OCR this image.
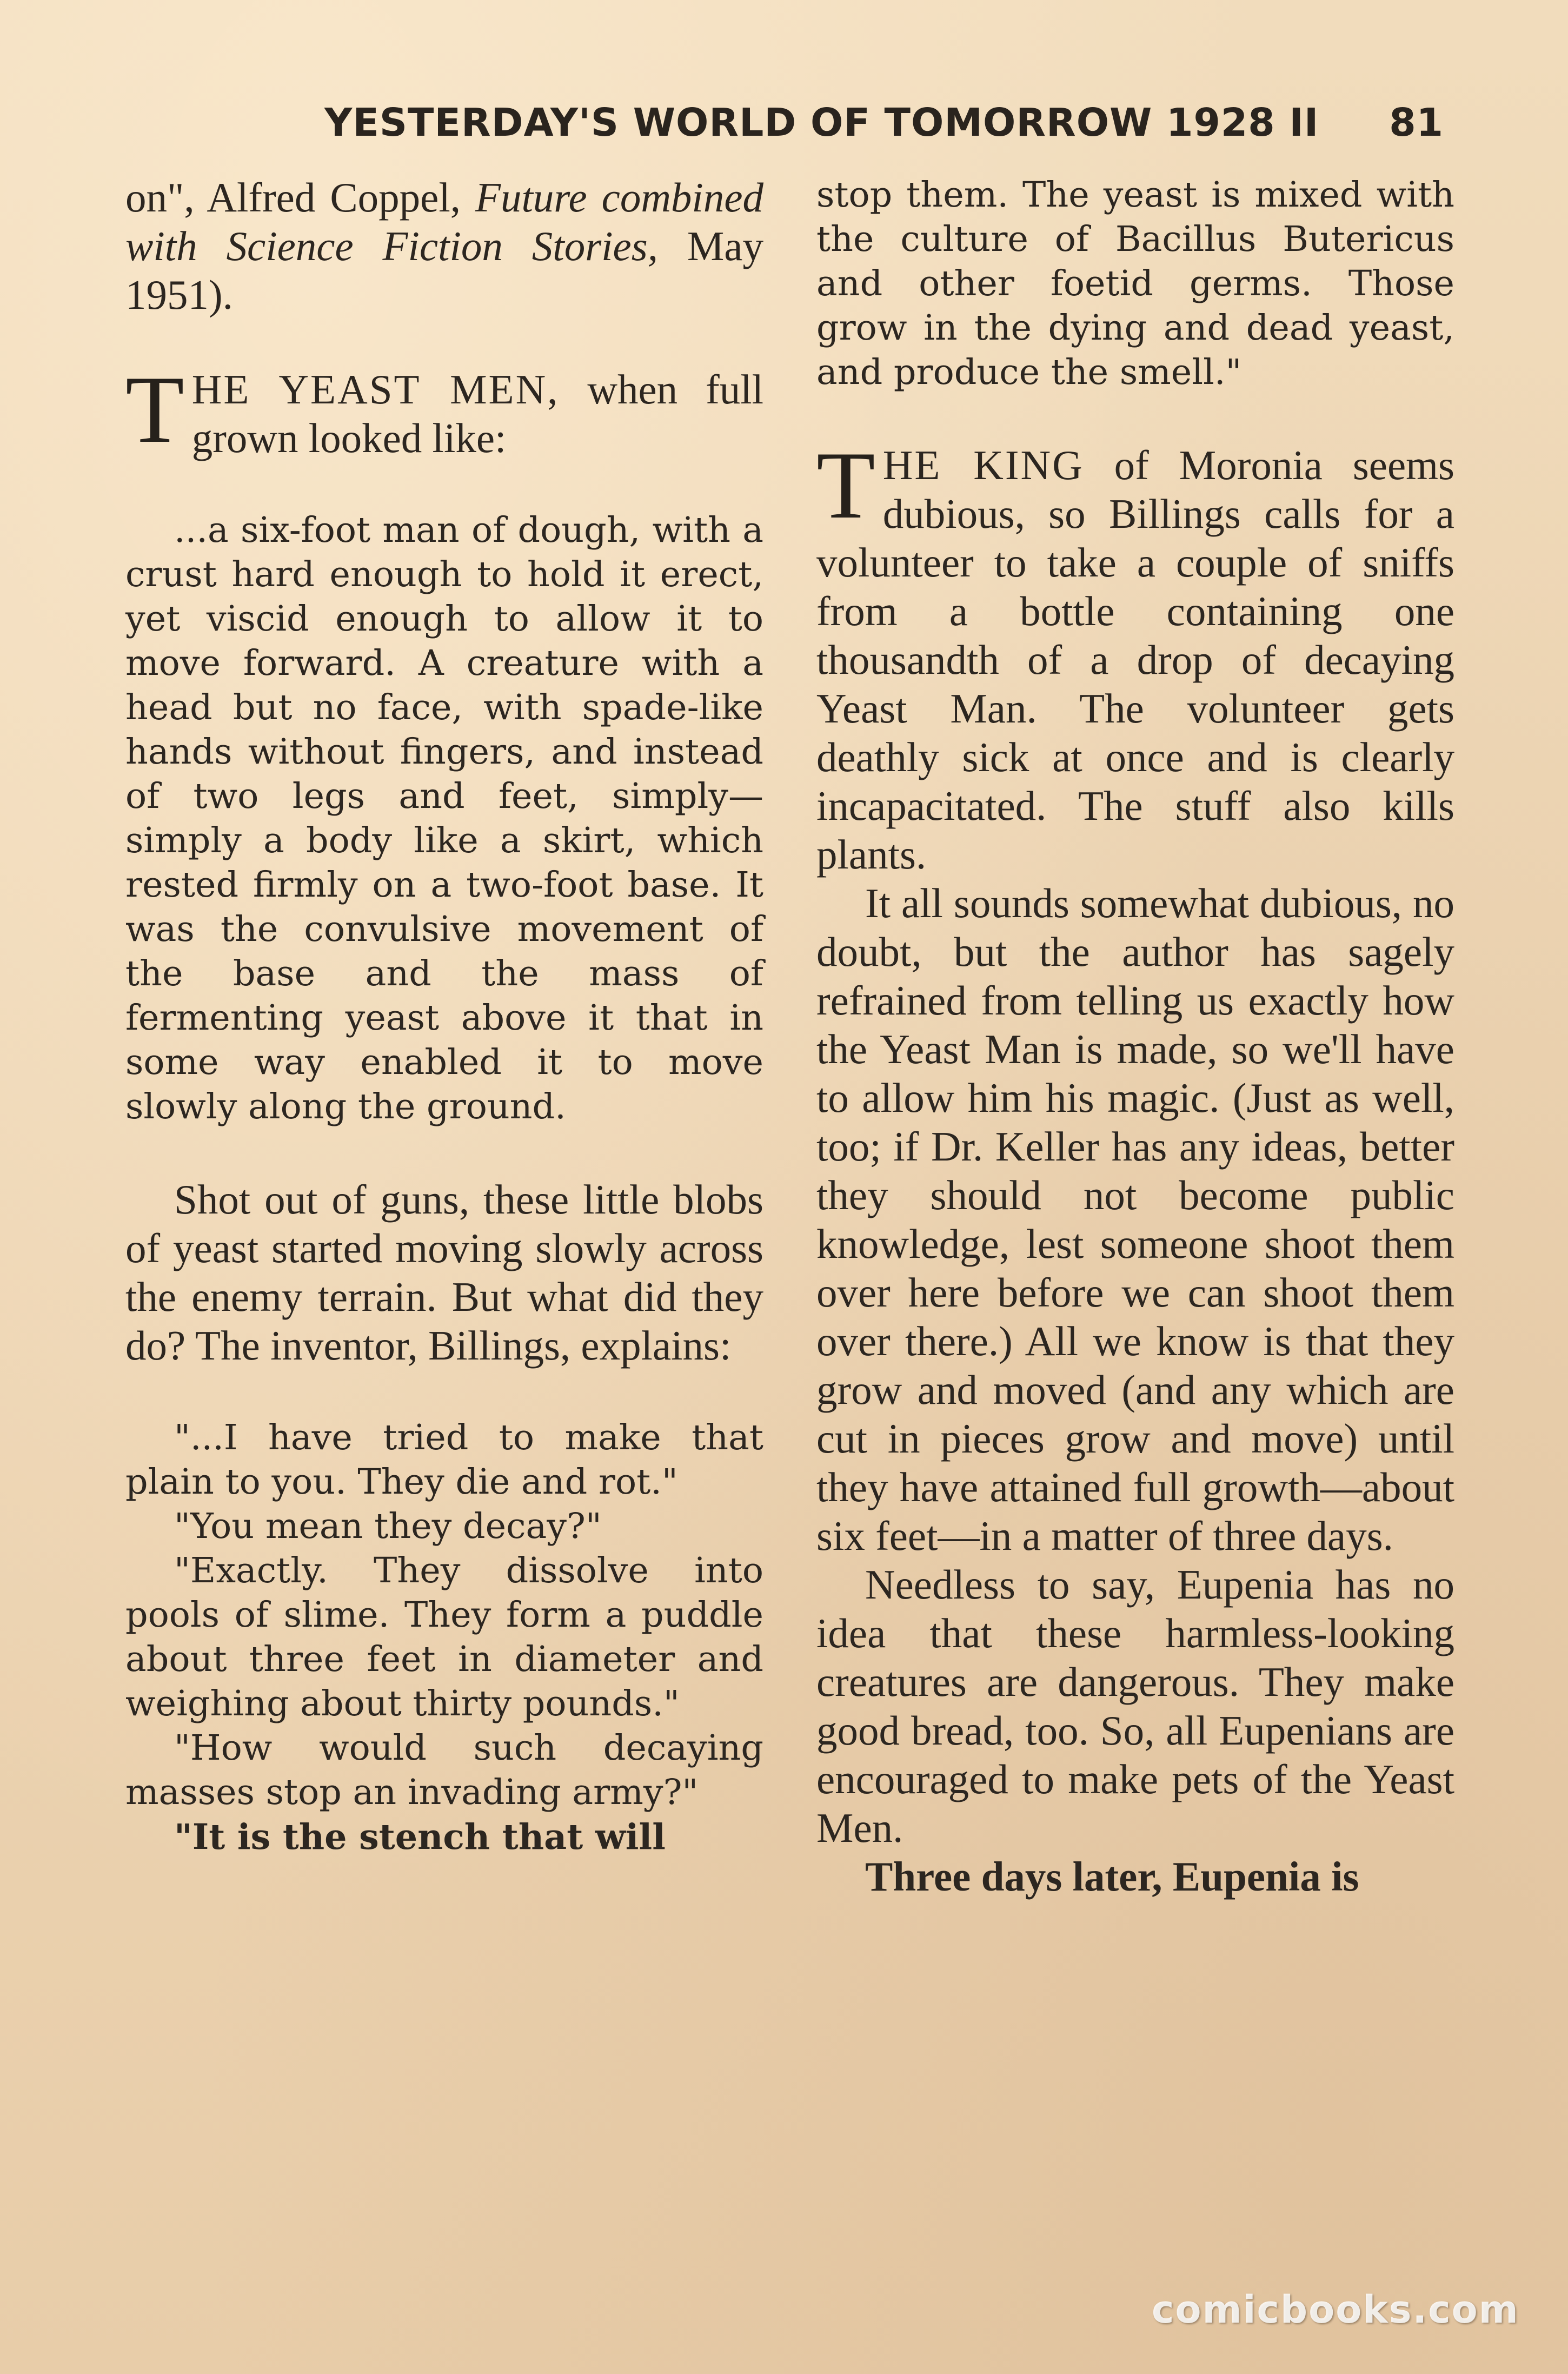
YESTERDAY'S WORLD OF TOMORROW 1928 II 81

on", Alfred Coppel, Future combined with Science Fiction Stories, May 1951).

THE YEAST MEN, when full grown looked like:

...a six-foot man of dough, with a crust hard enough to hold it erect, yet viscid enough to allow it to move forward. A creature with a head but no face, with spade-like hands without fingers, and instead of two legs and feet, simply—simply a body like a skirt, which rested firmly on a two-foot base. It was the convulsive movement of the base and the mass of fermenting yeast above it that in some way enabled it to move slowly along the ground.

Shot out of guns, these little blobs of yeast started moving slowly across the enemy terrain. But what did they do? The inventor, Billings, explains:

"...I have tried to make that plain to you. They die and rot."

"You mean they decay?"

"Exactly. They dissolve into pools of slime. They form a puddle about three feet in diameter and weighing about thirty pounds."

"How would such decaying masses stop an invading army?"

"It is the stench that will

stop them. The yeast is mixed with the culture of Bacillus Butericus and other foetid germs. Those grow in the dying and dead yeast, and produce the smell."

THE KING of Moronia seems dubious, so Billings calls for a volunteer to take a couple of sniffs from a bottle containing one thousandth of a drop of decaying Yeast Man. The volunteer gets deathly sick at once and is clearly incapacitated. The stuff also kills plants.

It all sounds somewhat dubious, no doubt, but the author has sagely refrained from telling us exactly how the Yeast Man is made, so we'll have to allow him his magic. (Just as well, too; if Dr. Keller has any ideas, better they should not become public knowledge, lest someone shoot them over here before we can shoot them over there.) All we know is that they grow and moved (and any which are cut in pieces grow and move) until they have attained full growth—about six feet—in a matter of three days.

Needless to say, Eupenia has no idea that these harmless-looking creatures are dangerous. They make good bread, too. So, all Eupenians are encouraged to make pets of the Yeast Men.

Three days later, Eupenia is

comicbooks.com
